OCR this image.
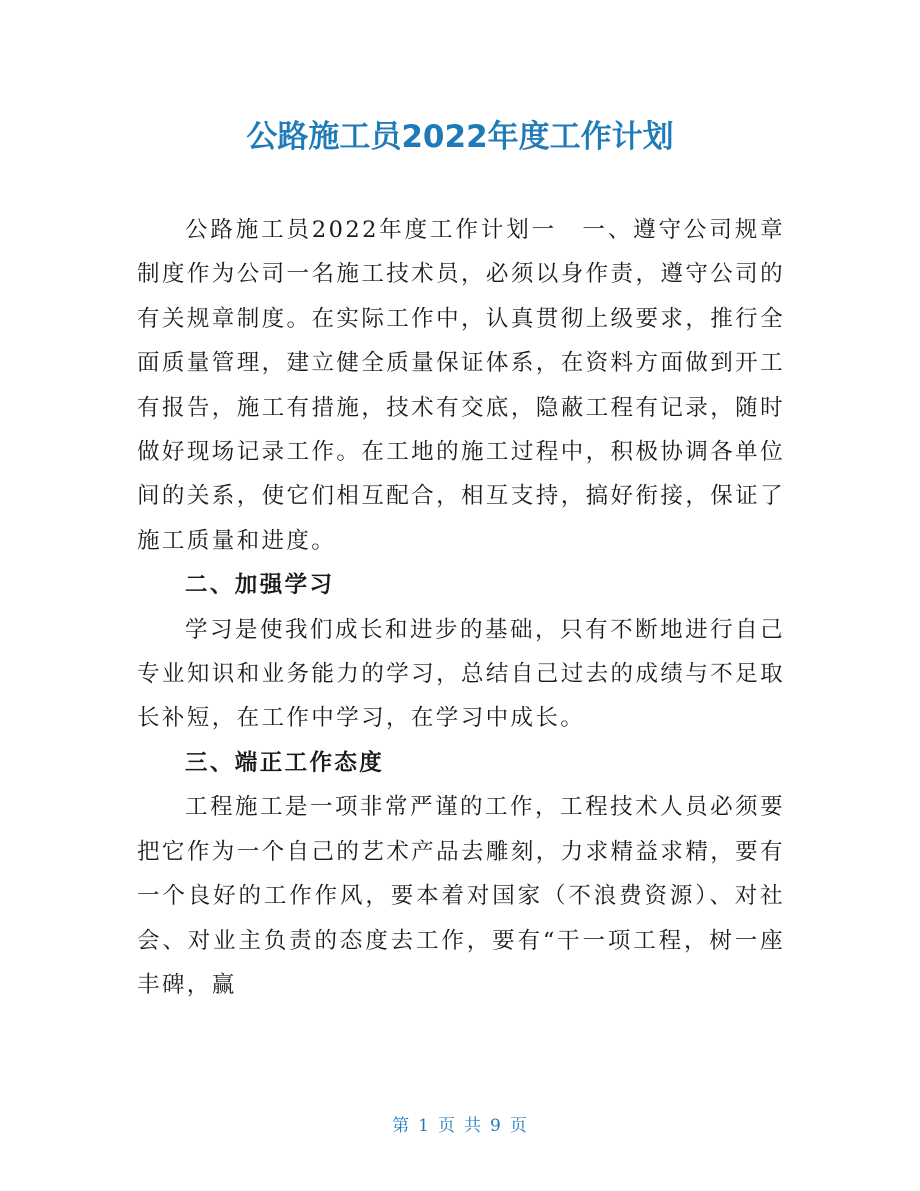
公路施工员2022年度工作计划

公路施工员2022年度工作计划一　一、遵守公司规章制度作为公司一名施工技术员，必须以身作责，遵守公司的有关规章制度。在实际工作中，认真贯彻上级要求，推行全面质量管理，建立健全质量保证体系，在资料方面做到开工有报告，施工有措施，技术有交底，隐蔽工程有记录，随时做好现场记录工作。在工地的施工过程中，积极协调各单位间的关系，使它们相互配合，相互支持，搞好衔接，保证了施工质量和进度。

二、加强学习

学习是使我们成长和进步的基础，只有不断地进行自己专业知识和业务能力的学习，总结自己过去的成绩与不足取长补短，在工作中学习，在学习中成长。

三、端正工作态度

工程施工是一项非常严谨的工作，工程技术人员必须要把它作为一个自己的艺术产品去雕刻，力求精益求精，要有一个良好的工作作风，要本着对国家（不浪费资源）、对社会、对业主负责的态度去工作，要有“干一项工程，树一座丰碑，赢

第 1 页 共 9 页
